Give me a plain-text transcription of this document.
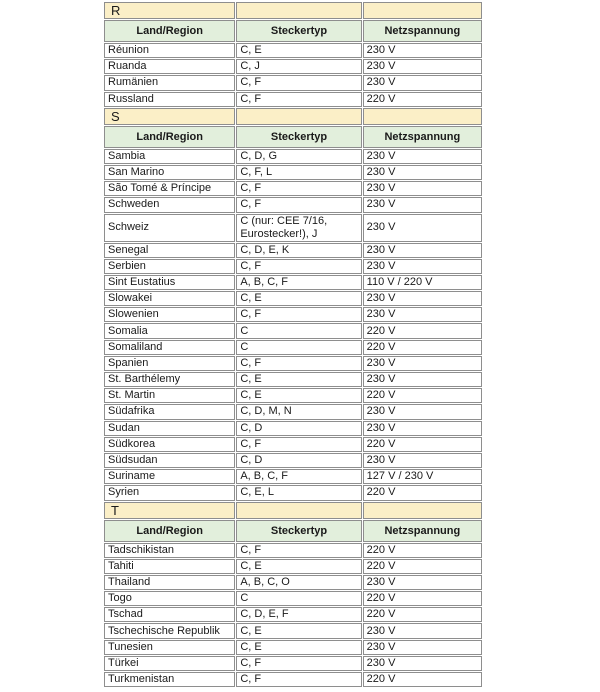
R		
Land/Region	Steckertyp	Netzspannung
Réunion	C, E	230 V
Ruanda	C, J	230 V
Rumänien	C, F	230 V
Russland	C, F	220 V
S		
Land/Region	Steckertyp	Netzspannung
Sambia	C, D, G	230 V
San Marino	C, F, L	230 V
São Tomé & Príncipe	C, F	230 V
Schweden	C, F	230 V
Schweiz	C (nur: CEE 7/16, Eurostecker!), J	230 V
Senegal	C, D, E, K	230 V
Serbien	C, F	230 V
Sint Eustatius	A, B, C, F	110 V / 220 V
Slowakei	C, E	230 V
Slowenien	C, F	230 V
Somalia	C	220 V
Somaliland	C	220 V
Spanien	C, F	230 V
St. Barthélemy	C, E	230 V
St. Martin	C, E	220 V
Südafrika	C, D, M, N	230 V
Sudan	C, D	230 V
Südkorea	C, F	220 V
Südsudan	C, D	230 V
Suriname	A, B, C, F	127 V / 230 V
Syrien	C, E, L	220 V
T		
Land/Region	Steckertyp	Netzspannung
Tadschikistan	C, F	220 V
Tahiti	C, E	220 V
Thailand	A, B, C, O	230 V
Togo	C	220 V
Tschad	C, D, E, F	220 V
Tschechische Republik	C, E	230 V
Tunesien	C, E	230 V
Türkei	C, F	230 V
Turkmenistan	C, F	220 V
